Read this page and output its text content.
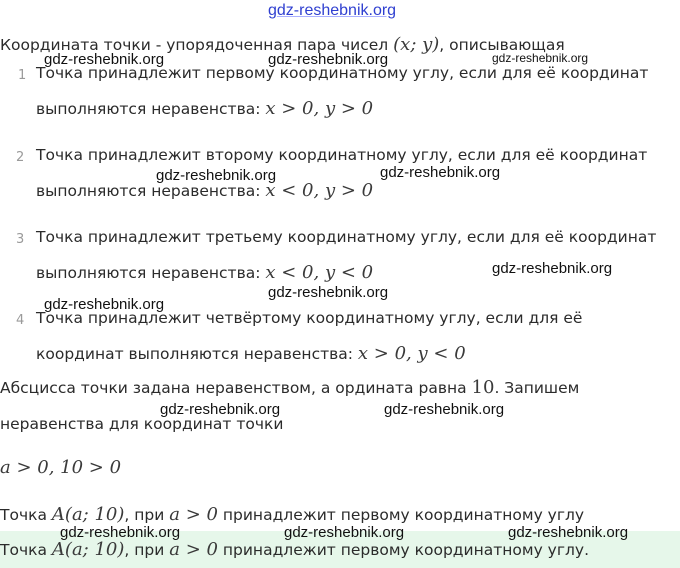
gdz-reshebnik.org
Координата точки - упорядоченная пара чисел (x; y), описывающая
1 Точка принадлежит первому координатному углу, если для её координат
выполняются неравенства: x > 0, y > 0
2 Точка принадлежит второму координатному углу, если для её координат
выполняются неравенства: x < 0, y > 0
3 Точка принадлежит третьему координатному углу, если для её координат
выполняются неравенства: x < 0, y < 0
4 Точка принадлежит четвёртому координатному углу, если для её
координат выполняются неравенства: x > 0, y < 0
Абсцисса точки задана неравенством, а ордината равна 10. Запишем
неравенства для координат точки
a > 0, 10 > 0
Точка A(a; 10), при a > 0 принадлежит первому координатному углу
Точка A(a; 10), при a > 0 принадлежит первому координатному углу.
gdz-reshebnik.org	gdz-reshebnik.org	gdz-reshebnik.org
gdz-reshebnik.org	gdz-reshebnik.org
gdz-reshebnik.org
gdz-reshebnik.org
gdz-reshebnik.org
gdz-reshebnik.org	gdz-reshebnik.org
gdz-reshebnik.org	gdz-reshebnik.org	gdz-reshebnik.org
